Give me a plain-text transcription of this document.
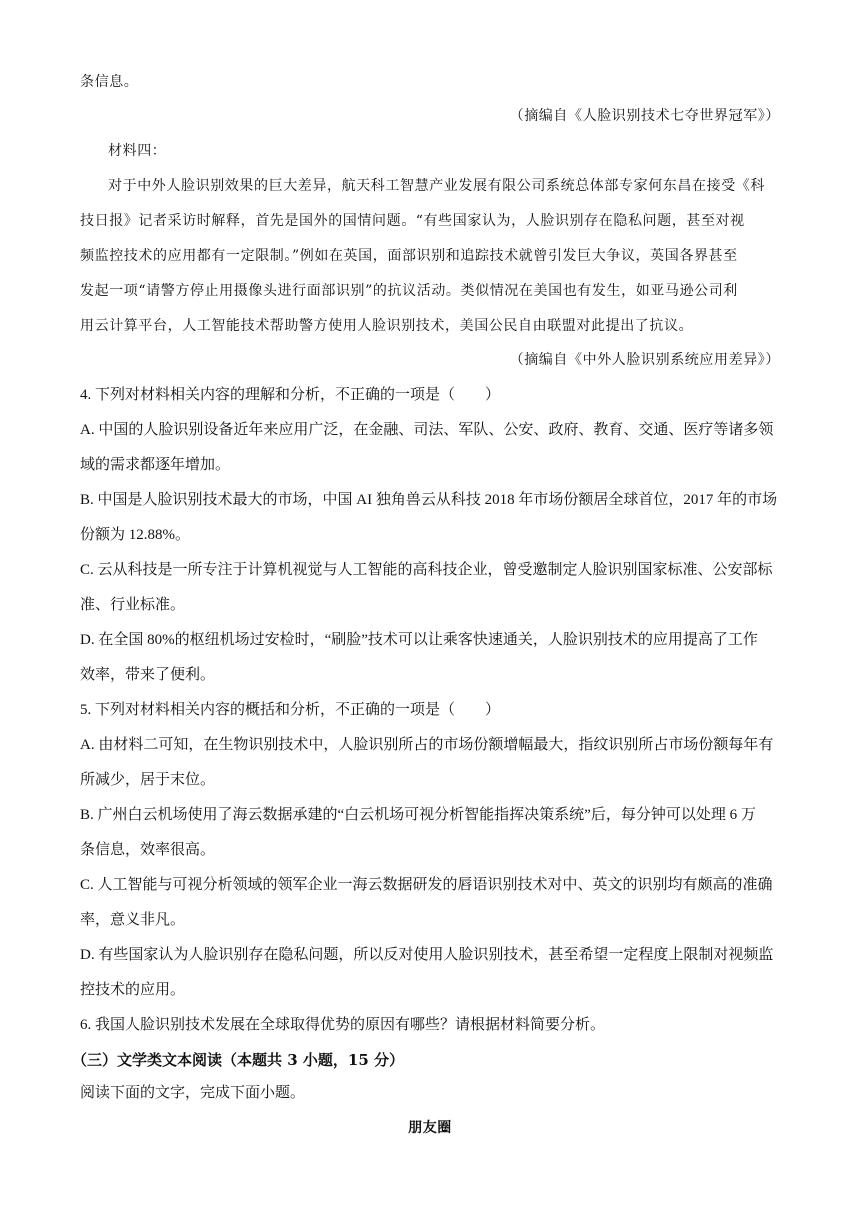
条信息。
（摘编自《人脸识别技术七夺世界冠军》）
材料四：
对于中外人脸识别效果的巨大差异，航天科工智慧产业发展有限公司系统总体部专家何东昌在接受《科
技日报》记者采访时解释，首先是国外的国情问题。“有些国家认为，人脸识别存在隐私问题，甚至对视
频监控技术的应用都有一定限制。”例如在英国，面部识别和追踪技术就曾引发巨大争议，英国各界甚至
发起一项“请警方停止用摄像头进行面部识别”的抗议活动。类似情况在美国也有发生，如亚马逊公司利
用云计算平台，人工智能技术帮助警方使用人脸识别技术，美国公民自由联盟对此提出了抗议。
（摘编自《中外人脸识别系统应用差异》）
4. 下列对材料相关内容的理解和分析，不正确的一项是（　　）
A. 中国的人脸识别设备近年来应用广泛，在金融、司法、军队、公安、政府、教育、交通、医疗等诸多领
域的需求都逐年增加。
B. 中国是人脸识别技术最大的市场，中国 AI 独角兽云从科技 2018 年市场份额居全球首位，2017 年的市场
份额为 12.88%。
C. 云从科技是一所专注于计算机视觉与人工智能的高科技企业，曾受邀制定人脸识别国家标准、公安部标
准、行业标准。
D. 在全国 80%的枢纽机场过安检时，“刷脸”技术可以让乘客快速通关，人脸识别技术的应用提高了工作
效率，带来了便利。
5. 下列对材料相关内容的概括和分析，不正确的一项是（　　）
A. 由材料二可知，在生物识别技术中，人脸识别所占的市场份额增幅最大，指纹识别所占市场份额每年有
所减少，居于末位。
B. 广州白云机场使用了海云数据承建的“白云机场可视分析智能指挥决策系统”后，每分钟可以处理 6 万
条信息，效率很高。
C. 人工智能与可视分析领域的领军企业一海云数据研发的唇语识别技术对中、英文的识别均有颇高的准确
率，意义非凡。
D. 有些国家认为人脸识别存在隐私问题，所以反对使用人脸识别技术，甚至希望一定程度上限制对视频监
控技术的应用。
6. 我国人脸识别技术发展在全球取得优势的原因有哪些？请根据材料简要分析。
（三）文学类文本阅读（本题共 3 小题，15 分）
阅读下面的文字，完成下面小题。
朋友圈
